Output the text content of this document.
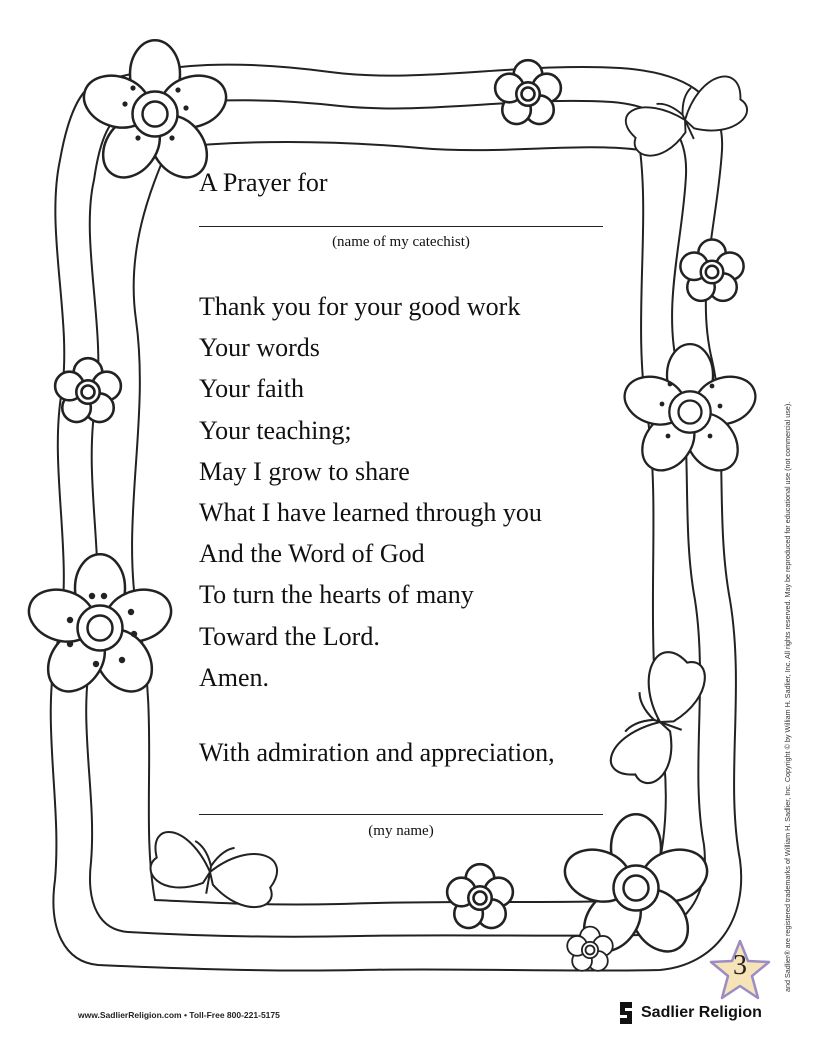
A Prayer for
(name of my catechist)
Thank you for your good work
Your words
Your faith
Your teaching;
May I grow to share
What I have learned through you
And the Word of God
To turn the hearts of many
Toward the Lord.
Amen.
With admiration and appreciation,
(my name)
www.SadlierReligion.com • Toll-Free 800-221-5175	Sadlier Religion
3	and Sadlier® are registered trademarks of William H. Sadlier, Inc. Copyright © by William H. Sadlier, Inc. All rights reserved. May be reproduced for educational use (not commercial use).
